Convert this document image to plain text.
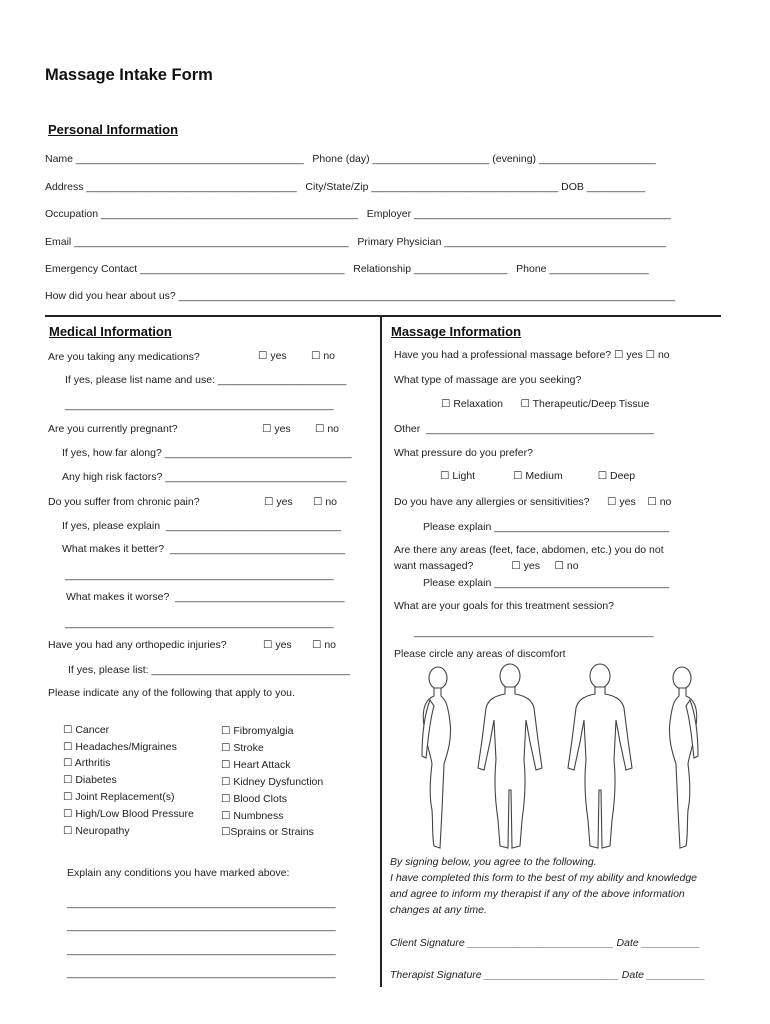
Massage Intake Form
Personal Information
Name _______________________________________   Phone (day) ____________________ (evening) ____________________
Address ____________________________________   City/State/Zip ________________________________ DOB __________
Occupation ____________________________________________   Employer ____________________________________________
Email _______________________________________________   Primary Physician ______________________________________
Emergency Contact ___________________________________   Relationship ________________   Phone _________________
How did you hear about us? _____________________________________________________________________________________
Medical Information
Are you taking any medications?	☐ yes ☐ no
If yes, please list name and use: ______________________
______________________________________________
Are you currently pregnant?	☐ yes ☐ no
If yes, how far along? ________________________________
Any high risk factors? _______________________________
Do you suffer from chronic pain?	☐ yes ☐ no
If yes, please explain  ______________________________
What makes it better?  ______________________________
______________________________________________
What makes it worse?  _____________________________
______________________________________________
Have you had any orthopedic injuries?	☐ yes ☐ no
If yes, please list: __________________________________
Please indicate any of the following that apply to you.
☐ Cancer
☐ Headaches/Migraines
☐ Arthritis
☐ Diabetes
☐ Joint Replacement(s)
☐ High/Low Blood Pressure
☐ Neuropathy
☐ Fibromyalgia
☐ Stroke
☐ Heart Attack
☐ Kidney Dysfunction
☐ Blood Clots
☐ Numbness
☐Sprains or Strains
Explain any conditions you have marked above:
______________________________________________
______________________________________________
______________________________________________
______________________________________________
Massage Information
Have you had a professional massage before? ☐ yes ☐ no
What type of massage are you seeking?
☐ Relaxation      ☐ Therapeutic/Deep Tissue
Other  _______________________________________
What pressure do you prefer?
☐ Light             ☐ Medium            ☐ Deep
Do you have any allergies or sensitivities?      ☐ yes    ☐ no
Please explain ______________________________
Are there any areas (feet, face, abdomen, etc.) you do not
want massaged?             ☐ yes     ☐ no
Please explain ______________________________
What are your goals for this treatment session?
_________________________________________
Please circle any areas of discomfort
By signing below, you agree to the following.
I have completed this form to the best of my ability and knowledge
and agree to inform my therapist if any of the above information
changes at any time.
Client Signature _________________________ Date __________
Therapist Signature _______________________ Date __________
